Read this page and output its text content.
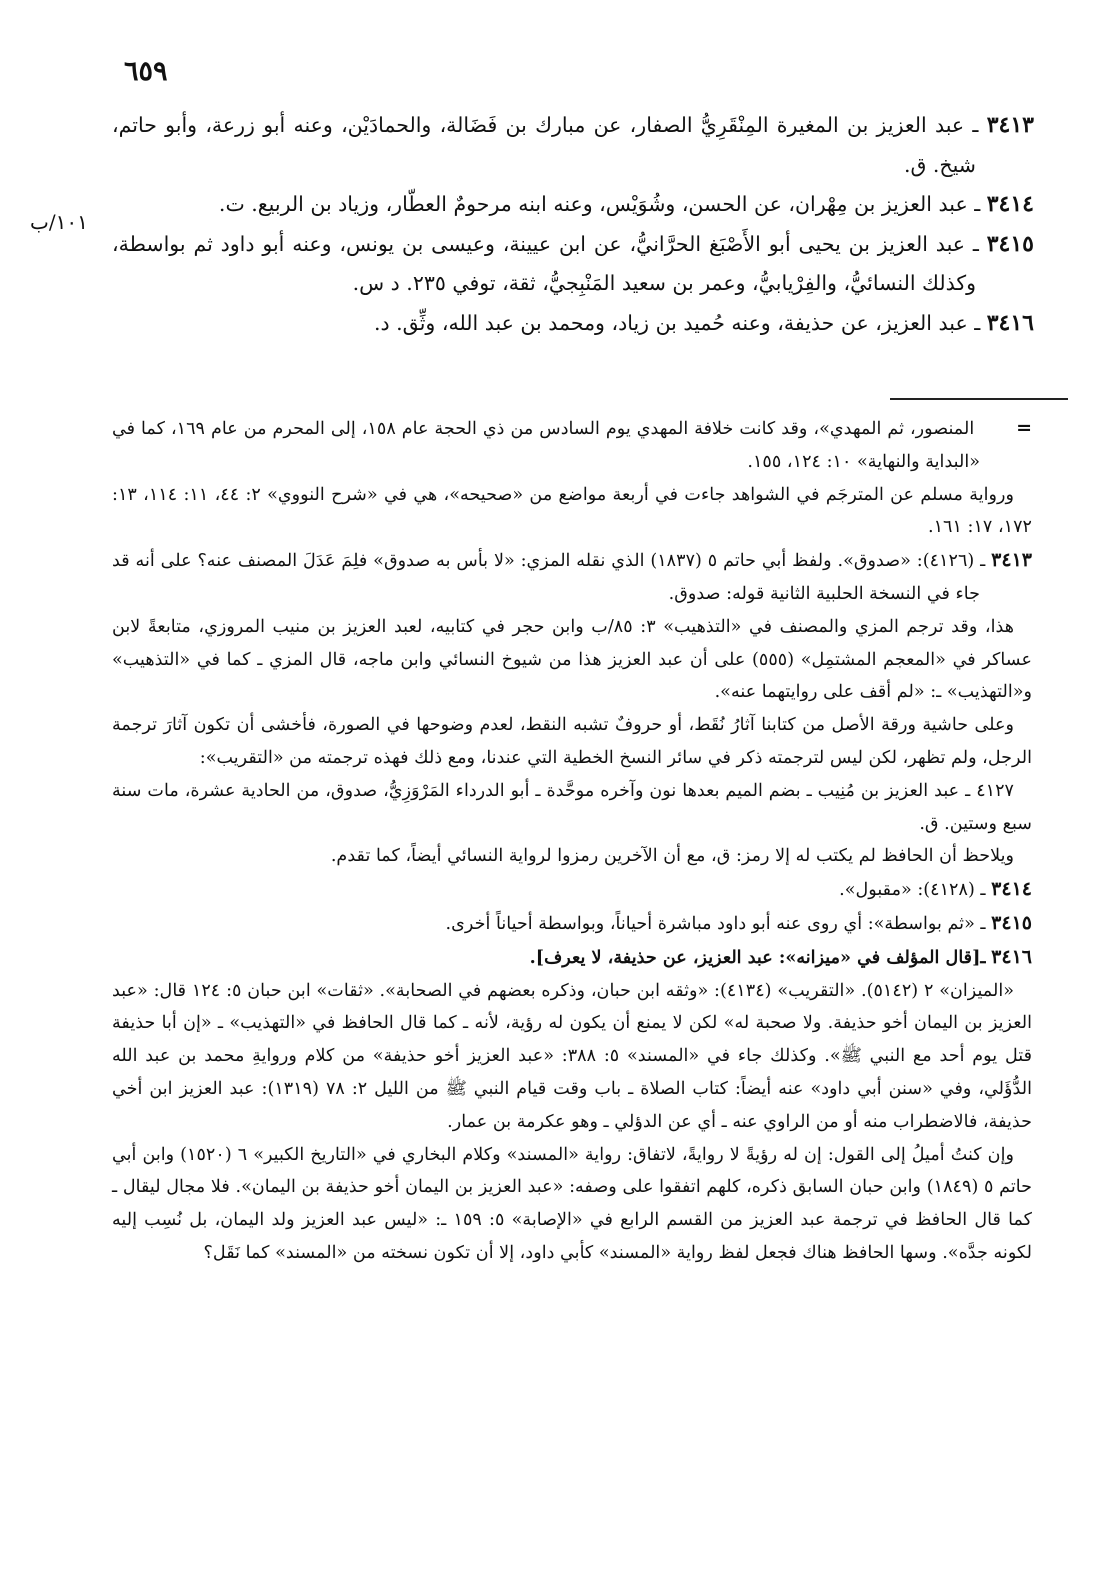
٦٥٩
١٠١/ب

٣٤١٣ ـ عبد العزيز بن المغيرة المِنْقَرِيُّ الصفار، عن مبارك بن فَضَالة، والحمادَيْن، وعنه أبو زرعة، وأبو حاتم، شيخ. ق.

٣٤١٤ ـ عبد العزيز بن مِهْران، عن الحسن، وشُوَيْس، وعنه ابنه مرحومٌ العطّار، وزياد بن الربيع. ت.

٣٤١٥ ـ عبد العزيز بن يحيى أبو الأَصْبَغ الحرَّانيُّ، عن ابن عيينة، وعيسى بن يونس، وعنه أبو داود ثم بواسطة، وكذلك النسائيُّ، والفِرْيابيُّ، وعمر بن سعيد المَنْبِجيُّ، ثقة، توفي ٢٣٥. د س.

٣٤١٦ ـ عبد العزيز، عن حذيفة، وعنه حُميد بن زياد، ومحمد بن عبد الله، وثِّق. د.

=       المنصور، ثم المهدي»، وقد كانت خلافة المهدي يوم السادس من ذي الحجة عام ١٥٨، إلى المحرم من عام ١٦٩، كما في «البداية والنهاية» ١٠: ١٢٤، ١٥٥.

ورواية مسلم عن المترجَم في الشواهد جاءت في أربعة مواضع من «صحيحه»، هي في «شرح النووي» ٢: ٤٤، ١١: ١١٤، ١٣: ١٧٢، ١٧: ١٦١.

٣٤١٣ ـ (٤١٢٦): «صدوق». ولفظ أبي حاتم ٥ (١٨٣٧) الذي نقله المزي: «لا بأس به صدوق» فلِمَ عَدَلَ المصنف عنه؟ على أنه قد جاء في النسخة الحلبية الثانية قوله: صدوق.

هذا، وقد ترجم المزي والمصنف في «التذهيب» ٣: ٨٥/ب وابن حجر في كتابيه، لعبد العزيز بن منيب المروزي، متابعةً لابن عساكر في «المعجم المشتمِل» (٥٥٥) على أن عبد العزيز هذا من شيوخ النسائي وابن ماجه، قال المزي ـ كما في «التذهيب» و«التهذيب» ـ: «لم أقف على روايتهما عنه».

وعلى حاشية ورقة الأصل من كتابنا آثارُ نُقَط، أو حروفٌ تشبه النقط، لعدم وضوحها في الصورة، فأخشى أن تكون آثارَ ترجمة الرجل، ولم تظهر، لكن ليس لترجمته ذكر في سائر النسخ الخطية التي عندنا، ومع ذلك فهذه ترجمته من «التقريب»:

٤١٢٧ ـ عبد العزيز بن مُنِيب ـ بضم الميم بعدها نون وآخره موحَّدة ـ أبو الدرداء المَرْوَزِيُّ، صدوق، من الحادية عشرة، مات سنة سبع وستين. ق.

ويلاحظ أن الحافظ لم يكتب له إلا رمز: ق، مع أن الآخرين رمزوا لرواية النسائي أيضاً، كما تقدم.

٣٤١٤ ـ (٤١٢٨): «مقبول».

٣٤١٥ ـ «ثم بواسطة»: أي روى عنه أبو داود مباشرة أحياناً، وبواسطة أحياناً أخرى.

٣٤١٦ ـ[قال المؤلف في «ميزانه»: عبد العزيز، عن حذيفة، لا يعرف].

«الميزان» ٢ (٥١٤٢). «التقريب» (٤١٣٤): «وثقه ابن حبان، وذكره بعضهم في الصحابة». «ثقات» ابن حبان ٥: ١٢٤ قال: «عبد العزيز بن اليمان أخو حذيفة. ولا صحبة له» لكن لا يمنع أن يكون له رؤية، لأنه ـ كما قال الحافظ في «التهذيب» ـ «إن أبا حذيفة قتل يوم أحد مع النبي ﷺ». وكذلك جاء في «المسند» ٥: ٣٨٨: «عبد العزيز أخو حذيفة» من كلام وروايةِ محمد بن عبد الله الدُّؤَلي، وفي «سنن أبي داود» عنه أيضاً: كتاب الصلاة ـ باب وقت قيام النبي ﷺ من الليل ٢: ٧٨ (١٣١٩): عبد العزيز ابن أخي حذيفة، فالاضطراب منه أو من الراوي عنه ـ أي عن الدؤلي ـ وهو عكرمة بن عمار.

وإن كنتُ أميلُ إلى القول: إن له رؤيةً لا روايةً، لاتفاق: رواية «المسند» وكلام البخاري في «التاريخ الكبير» ٦ (١٥٢٠) وابن أبي حاتم ٥ (١٨٤٩) وابن حبان السابق ذكره، كلهم اتفقوا على وصفه: «عبد العزيز بن اليمان أخو حذيفة بن اليمان». فلا مجال ليقال ـ كما قال الحافظ في ترجمة عبد العزيز من القسم الرابع في «الإصابة» ٥: ١٥٩ ـ: «ليس عبد العزيز ولد اليمان، بل نُسِب إليه لكونه جدَّه». وسها الحافظ هناك فجعل لفظ رواية «المسند» كأبي داود، إلا أن تكون نسخته من «المسند» كما نَقَل؟
